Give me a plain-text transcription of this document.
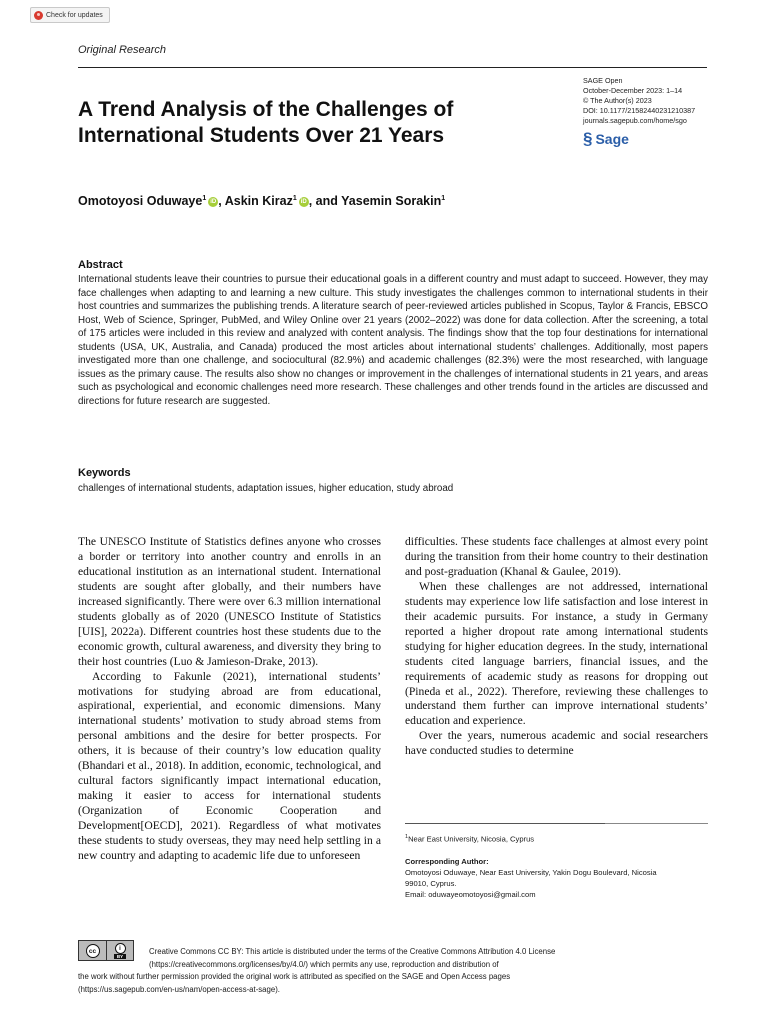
Check for updates
Original Research
SAGE Open
October-December 2023: 1–14
© The Author(s) 2023
DOI: 10.1177/21582440231210387
journals.sagepub.com/home/sgo
§ Sage
A Trend Analysis of the Challenges of International Students Over 21 Years
Omotoyosi Oduwaye$^1$ iD , Askin Kiraz$^1$ iD , and Yasemin Sorakin$^1$
Abstract
International students leave their countries to pursue their educational goals in a different country and must adapt to succeed. However, they may face challenges when adapting to and learning a new culture. This study investigates the challenges common to international students in their host countries and summarizes the publishing trends. A literature search of peer-reviewed articles published in Scopus, Taylor & Francis, EBSCO Host, Web of Science, Springer, PubMed, and Wiley Online over 21 years (2002–2022) was done for data collection. After the screening, a total of 175 articles were included in this review and analyzed with content analysis. The findings show that the top four destinations for international students (USA, UK, Australia, and Canada) produced the most articles about international students’ challenges. Additionally, most papers investigated more than one challenge, and sociocultural (82.9%) and academic challenges (82.3%) were the most researched, with language issues as the primary cause. The results also show no changes or improvement in the challenges of international students in 21 years, and areas such as psychological and economic challenges need more research. These challenges and other trends found in the articles are discussed and directions for future research are suggested.
Keywords
challenges of international students, adaptation issues, higher education, study abroad

The UNESCO Institute of Statistics defines anyone who crosses a border or territory into another country and enrolls in an educational institution as an international student. International students are sought after globally, and their numbers have increased significantly. There were over 6.3 million international students globally as of 2020 (UNESCO Institute of Statistics [UIS], 2022a). Different countries host these students due to the economic growth, cultural awareness, and diversity they bring to their host countries (Luo & Jamieson-Drake, 2013).

According to Fakunle (2021), international students’ motivations for studying abroad are from educational, aspirational, experiential, and economic dimensions. Many international students’ motivation to study abroad stems from personal ambitions and the desire for better prospects. For others, it is because of their country’s low education quality (Bhandari et al., 2018). In addition, economic, technological, and cultural factors significantly impact international education, making it easier to access for international students (Organization of Economic Cooperation and Development[OECD], 2021). Regardless of what motivates these students to study overseas, they may need help settling in a new country and adapting to academic life due to unforeseen

difficulties. These students face challenges at almost every point during the transition from their home country to their destination and post-graduation (Khanal & Gaulee, 2019).

When these challenges are not addressed, international students may experience low life satisfaction and lose interest in their academic pursuits. For instance, a study in Germany reported a higher dropout rate among international students studying for higher education degrees. In the study, international students cited language barriers, financial issues, and the requirements of academic study as reasons for dropping out (Pineda et al., 2022). Therefore, reviewing these challenges to understand them further can improve international students’ education and experience.

Over the years, numerous academic and social researchers have conducted studies to determine

$^1$Near East University, Nicosia, Cyprus
Corresponding Author:
Omotoyosi Oduwaye, Near East University, Yakin Dogu Boulevard, Nicosia
99010, Cyprus.
Email: oduwayeomotoyosi@gmail.com
cc	i
BY	Creative Commons CC BY: This article is distributed under the terms of the Creative Commons Attribution 4.0 License
(https://creativecommons.org/licenses/by/4.0/) which permits any use, reproduction and distribution of
the work without further permission provided the original work is attributed as specified on the SAGE and Open Access pages
(https://us.sagepub.com/en-us/nam/open-access-at-sage).
